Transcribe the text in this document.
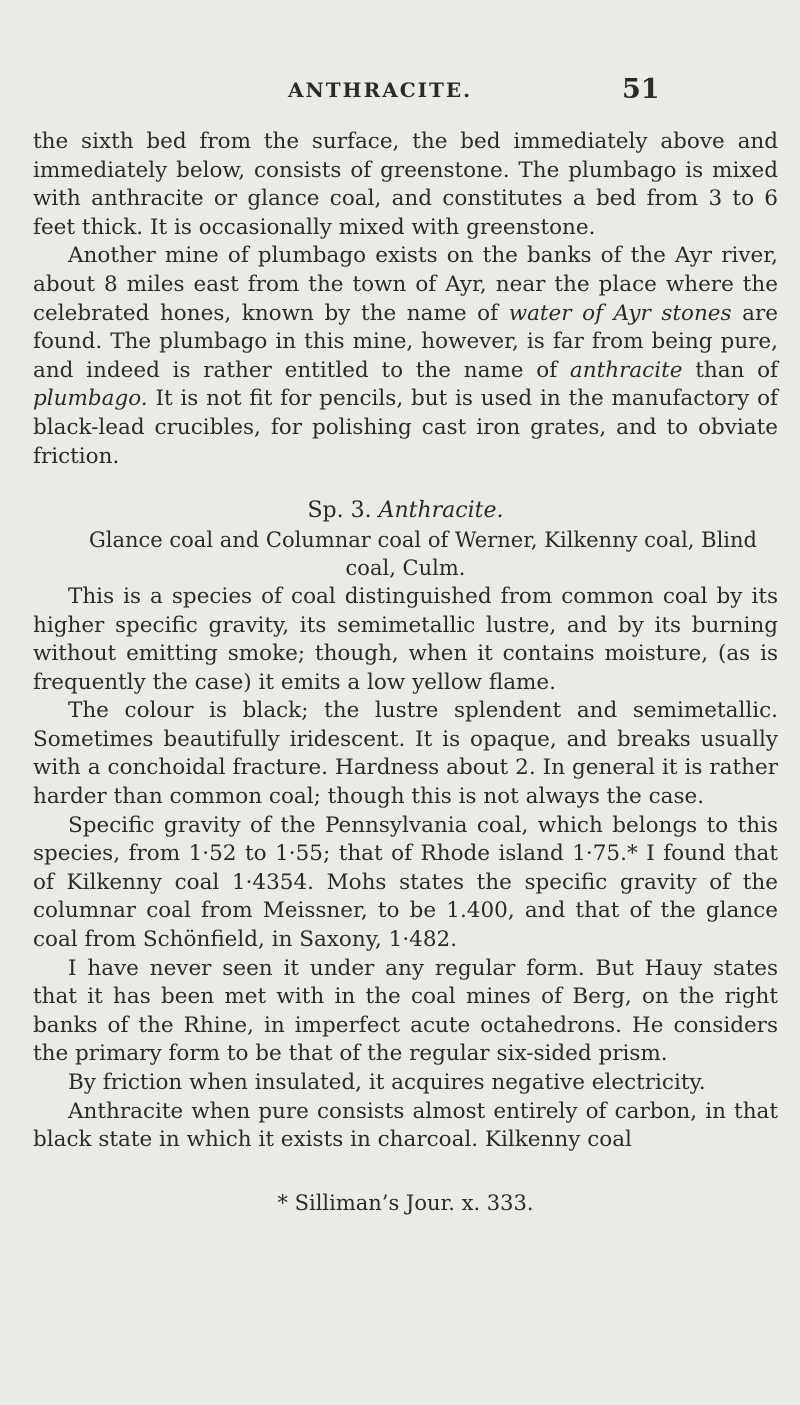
ANTHRACITE.	51

the sixth bed from the surface, the bed immediately above and immediately below, consists of greenstone. The plumbago is mixed with anthracite or glance coal, and constitutes a bed from 3 to 6 feet thick. It is occasionally mixed with greenstone.

Another mine of plumbago exists on the banks of the Ayr river, about 8 miles east from the town of Ayr, near the place where the celebrated hones, known by the name of water of Ayr stones are found. The plumbago in this mine, however, is far from being pure, and indeed is rather entitled to the name of anthracite than of plumbago. It is not fit for pencils, but is used in the manufactory of black-lead crucibles, for polishing cast iron grates, and to obviate friction.

Sp. 3. Anthracite.

Glance coal and Columnar coal of Werner, Kilkenny coal, Blind coal, Culm.

This is a species of coal distinguished from common coal by its higher specific gravity, its semimetallic lustre, and by its burning without emitting smoke; though, when it contains moisture, (as is frequently the case) it emits a low yellow flame.

The colour is black; the lustre splendent and semimetallic. Sometimes beautifully iridescent. It is opaque, and breaks usually with a conchoidal fracture. Hardness about 2. In general it is rather harder than common coal; though this is not always the case.

Specific gravity of the Pennsylvania coal, which belongs to this species, from 1·52 to 1·55; that of Rhode island 1·75.* I found that of Kilkenny coal 1·4354. Mohs states the specific gravity of the columnar coal from Meissner, to be 1.400, and that of the glance coal from Schönfield, in Saxony, 1·482.

I have never seen it under any regular form. But Hauy states that it has been met with in the coal mines of Berg, on the right banks of the Rhine, in imperfect acute octahedrons. He considers the primary form to be that of the regular six-sided prism.

By friction when insulated, it acquires negative electricity.

Anthracite when pure consists almost entirely of carbon, in that black state in which it exists in charcoal. Kilkenny coal

* Silliman’s Jour. x. 333.
